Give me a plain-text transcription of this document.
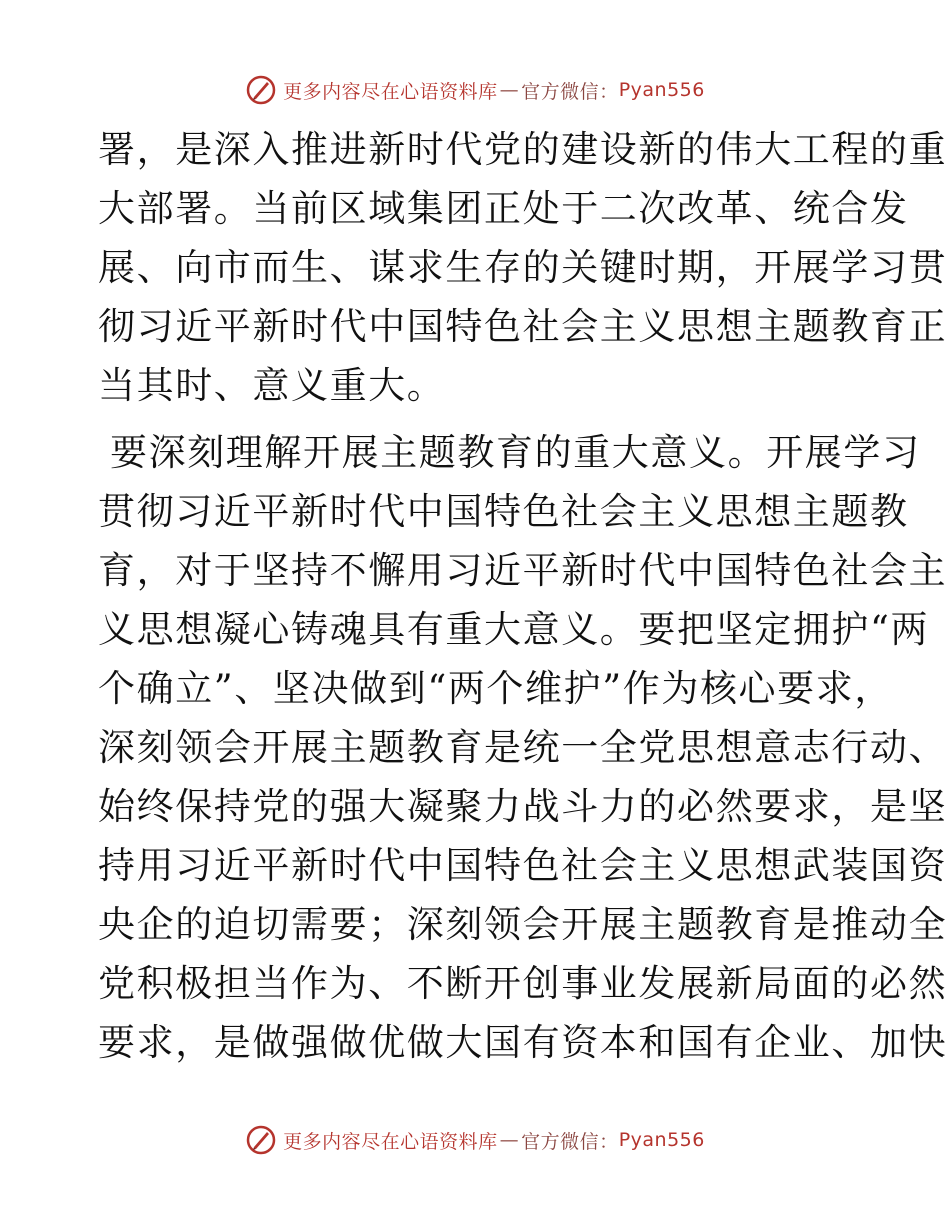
更多内容尽在心语资料库 — 官方微信： Pyan556
署，是深入推进新时代党的建设新的伟大工程的重
大部署。当前区域集团正处于二次改革、统合发
展、向市而生、谋求生存的关键时期，开展学习贯
彻习近平新时代中国特色社会主义思想主题教育正
当其时、意义重大。
要深刻理解开展主题教育的重大意义。开展学习
贯彻习近平新时代中国特色社会主义思想主题教
育，对于坚持不懈用习近平新时代中国特色社会主
义思想凝心铸魂具有重大意义。要把坚定拥护“两
个确立”、坚决做到“两个维护”作为核心要求，
深刻领会开展主题教育是统一全党思想意志行动、
始终保持党的强大凝聚力战斗力的必然要求，是坚
持用习近平新时代中国特色社会主义思想武装国资
央企的迫切需要；深刻领会开展主题教育是推动全
党积极担当作为、不断开创事业发展新局面的必然
要求，是做强做优做大国有资本和国有企业、加快
更多内容尽在心语资料库 — 官方微信： Pyan556
